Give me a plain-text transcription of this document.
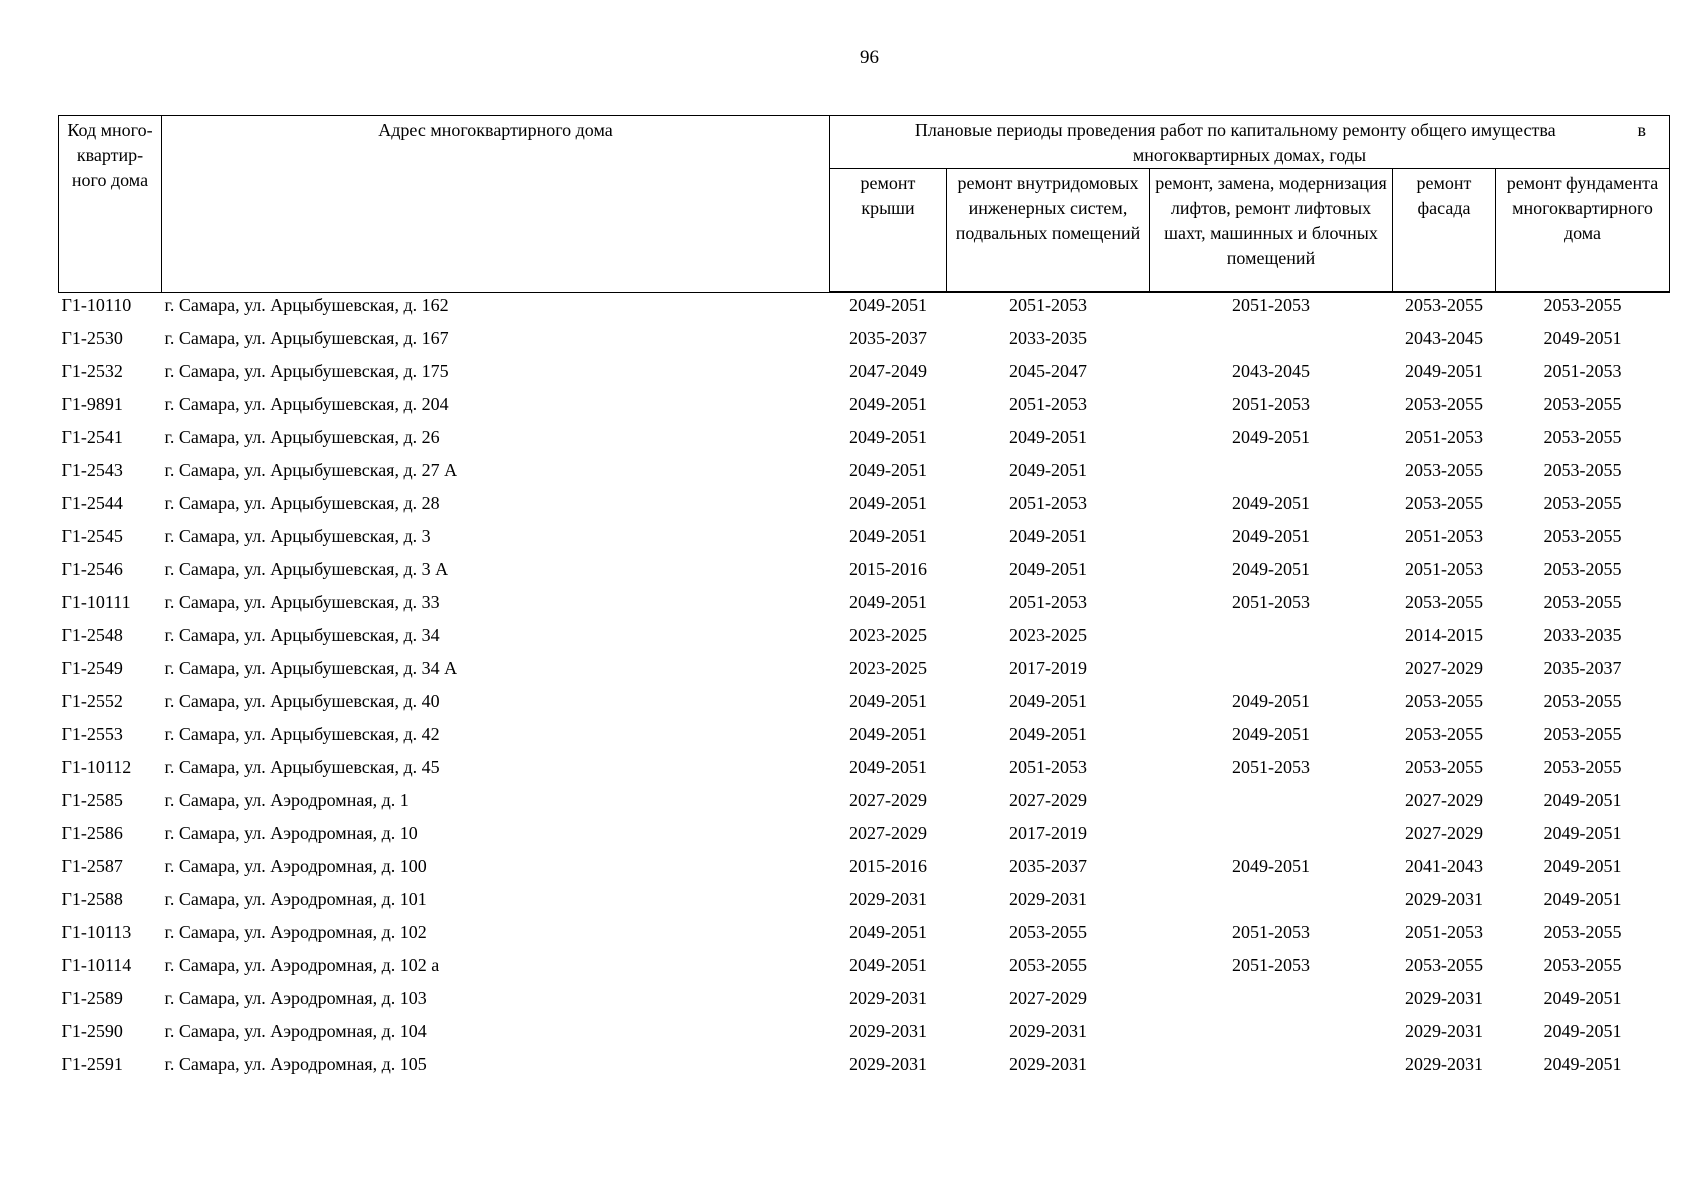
96
Код много-квартир-ного дома	Адрес многоквартирного дома	в
Плановые периоды проведения работ по капитальному ремонту общего имущества
многоквартирных домах, годы				
		ремонт крыши	ремонт внутридомовых инженерных систем, подвальных помещений	ремонт, замена, модернизация лифтов, ремонт лифтовых шахт, машинных и блочных помещений	ремонт фасада	ремонт фундамента многоквартирного дома
Г1-10110	г. Самара, ул. Арцыбушевская, д. 162	2049-2051	2051-2053	2051-2053	2053-2055	2053-2055
Г1-2530	г. Самара, ул. Арцыбушевская, д. 167	2035-2037	2033-2035		2043-2045	2049-2051
Г1-2532	г. Самара, ул. Арцыбушевская, д. 175	2047-2049	2045-2047	2043-2045	2049-2051	2051-2053
Г1-9891	г. Самара, ул. Арцыбушевская, д. 204	2049-2051	2051-2053	2051-2053	2053-2055	2053-2055
Г1-2541	г. Самара, ул. Арцыбушевская, д. 26	2049-2051	2049-2051	2049-2051	2051-2053	2053-2055
Г1-2543	г. Самара, ул. Арцыбушевская, д. 27 А	2049-2051	2049-2051		2053-2055	2053-2055
Г1-2544	г. Самара, ул. Арцыбушевская, д. 28	2049-2051	2051-2053	2049-2051	2053-2055	2053-2055
Г1-2545	г. Самара, ул. Арцыбушевская, д. 3	2049-2051	2049-2051	2049-2051	2051-2053	2053-2055
Г1-2546	г. Самара, ул. Арцыбушевская, д. 3 А	2015-2016	2049-2051	2049-2051	2051-2053	2053-2055
Г1-10111	г. Самара, ул. Арцыбушевская, д. 33	2049-2051	2051-2053	2051-2053	2053-2055	2053-2055
Г1-2548	г. Самара, ул. Арцыбушевская, д. 34	2023-2025	2023-2025		2014-2015	2033-2035
Г1-2549	г. Самара, ул. Арцыбушевская, д. 34 А	2023-2025	2017-2019		2027-2029	2035-2037
Г1-2552	г. Самара, ул. Арцыбушевская, д. 40	2049-2051	2049-2051	2049-2051	2053-2055	2053-2055
Г1-2553	г. Самара, ул. Арцыбушевская, д. 42	2049-2051	2049-2051	2049-2051	2053-2055	2053-2055
Г1-10112	г. Самара, ул. Арцыбушевская, д. 45	2049-2051	2051-2053	2051-2053	2053-2055	2053-2055
Г1-2585	г. Самара, ул. Аэродромная, д. 1	2027-2029	2027-2029		2027-2029	2049-2051
Г1-2586	г. Самара, ул. Аэродромная, д. 10	2027-2029	2017-2019		2027-2029	2049-2051
Г1-2587	г. Самара, ул. Аэродромная, д. 100	2015-2016	2035-2037	2049-2051	2041-2043	2049-2051
Г1-2588	г. Самара, ул. Аэродромная, д. 101	2029-2031	2029-2031		2029-2031	2049-2051
Г1-10113	г. Самара, ул. Аэродромная, д. 102	2049-2051	2053-2055	2051-2053	2051-2053	2053-2055
Г1-10114	г. Самара, ул. Аэродромная, д. 102 а	2049-2051	2053-2055	2051-2053	2053-2055	2053-2055
Г1-2589	г. Самара, ул. Аэродромная, д. 103	2029-2031	2027-2029		2029-2031	2049-2051
Г1-2590	г. Самара, ул. Аэродромная, д. 104	2029-2031	2029-2031		2029-2031	2049-2051
Г1-2591	г. Самара, ул. Аэродромная, д. 105	2029-2031	2029-2031		2029-2031	2049-2051
